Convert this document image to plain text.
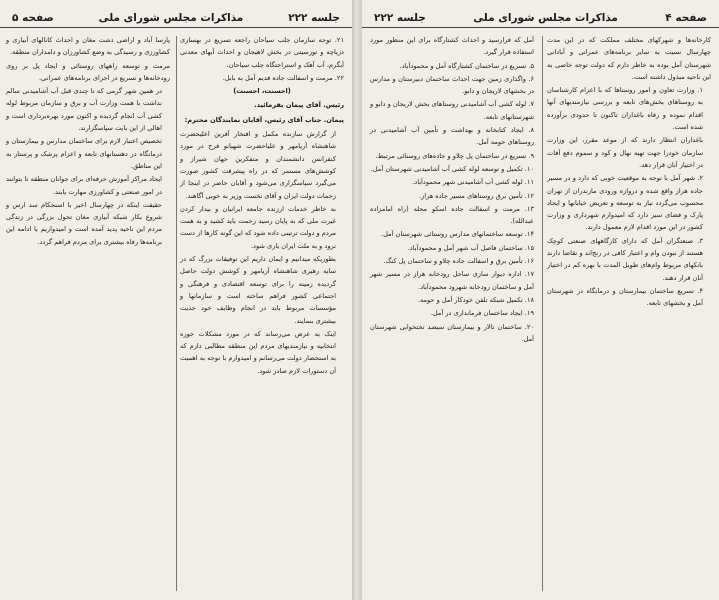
جلسه ۲۲۲
مذاکرات مجلس شورای ملی
صفحه ۵

۲۱. توجه سازمان جلب سیاحان راجعه تسریع در بهسازی دریاچه و تورسیتی در بخش لاهیجان و احداث آبهای معدنی آبگرم، آب آهک و استراحتگاه جلب سیاحان.

۲۲. مرمت و اسفالت جاده قدیم آمل به بابل.

(احسنت، احسنت)

رئیس. آقای پیمان بفرمائید.

پیمان. جناب آقای رئیس، آقایان نمایندگان محترم:

از گزارش سازنده مکمل و افتخار آفرین اعلیحضرت شاهنشاه آریامهر و علیاحضرت شهبانو فرح در مورد کنفرانس دانشمندان و متفکرین جهان شیراز و کوشش‌های مستمر که در راه پیشرفت کشور صورت می‌گیرد سپاسگزاری می‌شود و آقایان حاضر در اینجا از زحمات دولت ایران و آقای نخست وزیر به خوبی آگاهند.

به خاطر خدمات ارزنده جامعه ایرانیان و بیدار کردن غیرت ملی که به پایان رسید زحمت باید کشید و به همت مردم و دولت ترتیبی داده شود که این گونه کارها از دست نرود و به ملت ایران یاری شود.

بطوریکه میدانیم و ایمان داریم این توفیقات بزرگ که در سایه رهبری شاهنشاه آریامهر و کوشش دولت حاصل گردیده زمینه را برای توسعه اقتصادی و فرهنگی و اجتماعی کشور فراهم ساخته است و سازمانها و مؤسسات مربوط باید در انجام وظایف خود جدیت بیشتری بنمایند.

اینک به عرض می‌رساند که در مورد مشکلات حوزه انتخابیه و نیازمندیهای مردم این منطقه مطالبی دارم که به استحضار دولت می‌رسانم و امیدوارم با توجه به اهمیت آن دستورات لازم صادر شود.

پارسا آباد و اراضی دشت مغان و احداث کانالهای آبیاری و کشاورزی و رسیدگی به وضع کشاورزان و دامداران منطقه.

مرمت و توسعه راههای روستائی و ایجاد پل بر روی رودخانه‌ها و تسریع در اجرای برنامه‌های عمرانی.

در همین شهر گرمی که تا چندی قبل آب آشامیدنی سالم نداشت با همت وزارت آب و برق و سازمان مربوط لوله کشی آب انجام گردیده و اکنون مورد بهره‌برداری است و اهالی از این بابت سپاسگزارند.

تخصیص اعتبار لازم برای ساختمان مدارس و بیمارستان و درمانگاه در دهستانهای تابعه و اعزام پزشک و پرستار به این مناطق.

ایجاد مراکز آموزش حرفه‌ای برای جوانان منطقه تا بتوانند در امور صنعتی و کشاورزی مهارت یابند.

حقیقت اینکه در چهارسال اخیر با استحکام سد ارس و شروع بکار شبکه آبیاری مغان تحول بزرگی در زندگی مردم این ناحیه پدید آمده است و امیدواریم با ادامه این برنامه‌ها رفاه بیشتری برای مردم فراهم گردد.

صفحه ۴
مذاکرات مجلس شورای ملی
جلسه ۲۲۲

کارخانه‌ها و شهرکهای مختلف مملکت که در این مدت چهارسال نسبت به سایر برنامه‌های عمرانی و آبادانی شهرستان آمل بوده به خاطر دارم که دولت توجه خاصی به این ناحیه مبذول داشته است.

۱. وزارت تعاون و امور روستاها که با اعزام کارشناسان به روستاهای بخش‌های تابعه و بررسی نیازمندیهای آنها اقدام نموده و رفاه باغداران تاکنون تا حدودی برآورده شده است.

باغداران انتظار دارند که از موعد مقرر، این وزارت سازمان خودرا جهت تهیه نهال و کود و سموم دفع آفات در اختیار آنان قرار دهد.

۲. شهر آمل با توجه به موقعیت خوبی که دارد و در مسیر جاده هراز واقع شده و دروازه ورودی مازندران از تهران محسوب می‌گردد نیاز به توسعه و تعریض خیابانها و ایجاد پارک و فضای سبز دارد که امیدوارم شهرداری و وزارت کشور در این مورد اقدام لازم معمول دارند.

۳. صنعتگران آمل که دارای کارگاههای صنعتی کوچک هستند از نبودن وام و اعتبار کافی در رنج‌اند و تقاضا دارند بانکهای مربوط وام‌های طویل المدت با بهره کم در اختیار آنان قرار دهند.

۴. تسریع ساختمان بیمارستان و درمانگاه در شهرستان آمل و بخشهای تابعه.

آمل که فرارسید و احداث کشتارگاه برای این منظور مورد استفاده قرار گیرد.

۵. تسریع در ساختمان کشتارگاه آمل و محمودآباد.

۶. واگذاری زمین جهت احداث ساختمان دبیرستان و مدارس در بخشهای لاریجان و دابو.

۷. لوله کشی آب آشامیدنی روستاهای بخش لاریجان و دابو و شهرستانهای تابعه.

۸. ایجاد کتابخانه و بهداشت و تأمین آب آشامیدنی در روستاهای حومه آمل.

۹. تسریع در ساختمان پل چلاو و جاده‌های روستائی مرتبط.

۱۰. تکمیل و توسعه لوله کشی آب آشامیدنی شهرستان آمل.

۱۱. لوله کشی آب آشامیدنی شهر محمودآباد.

۱۲. تأمین برق روستاهای مسیر جاده هراز.

۱۳. مرمت و اسفالت جاده اسکو محله (راه امامزاده عبدالله).

۱۴. توسعه ساختمانهای مدارس روستائی شهرستان آمل.

۱۵. ساختمان فاصل آب شهر آمل و محمودآباد.

۱۶. تأمین برق و اسفالت جاده چلاو و ساختمان پل کنگ.

۱۷. اداره دیوار سازی ساحل رودخانه هراز در مسیر شهر آمل و ساختمان رودخانه شهرود محمودآباد.

۱۸. تکمیل شبکه تلفن خودکار آمل و حومه.

۱۹. ایجاد ساختمان فرمانداری در آمل.

۲۰. ساختمان تالار و بیمارستان سیصد تختخوابی شهرستان آمل.
